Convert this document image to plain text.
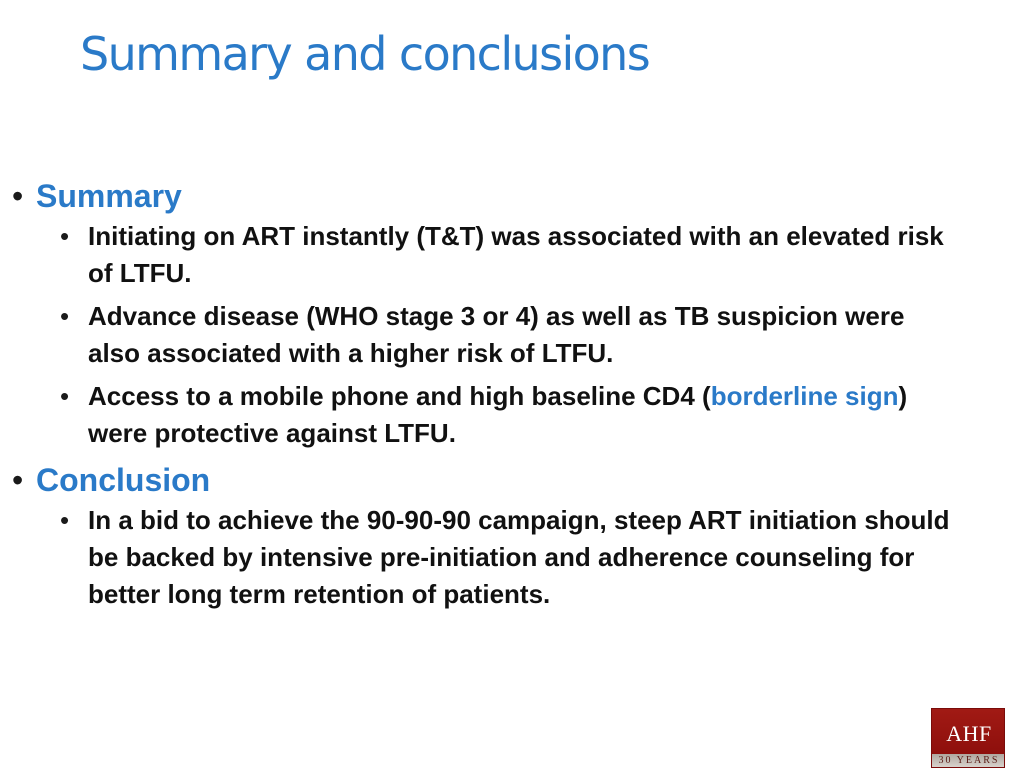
Summary and conclusions
• Summary
• Initiating on ART instantly (T&T) was associated with an elevated risk of LTFU.
• Advance disease (WHO stage 3 or 4) as well as TB suspicion were also associated with a higher risk of LTFU.
• Access to a mobile phone and high baseline CD4 (borderline sign) were protective against LTFU.
• Conclusion
• In a bid to achieve the 90-90-90 campaign, steep ART initiation should be backed by intensive pre-initiation and adherence counseling for better long term retention of patients.
AHF
30 YEARS
